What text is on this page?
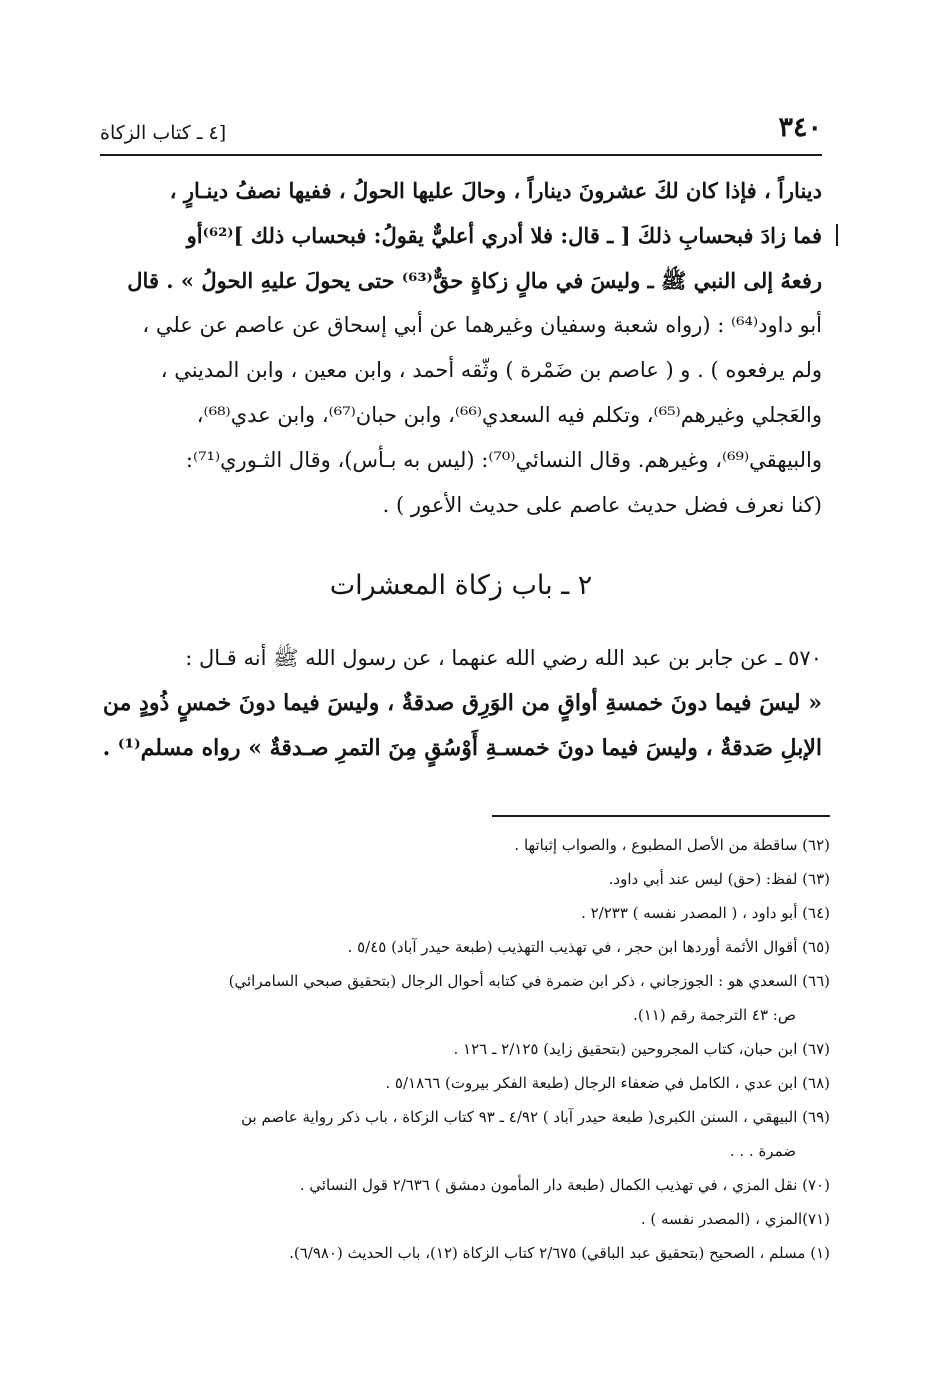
٣٤٠
[٤ ـ كتاب الزكاة
ديناراً ، فإذا كان لكَ عشرونَ ديناراً ، وحالَ عليها الحولُ ، ففيها نصفُ دينـارٍ ،
فما زادَ فبحسابِ ذلكَ [ ـ قال: فلا أدري أعليٌّ يقولُ: فبحساب ذلك ]⁽⁶²⁾أو
رفعهُ إلى النبي ﷺ ـ وليسَ في مالٍ زكاةٍ حقٌّ⁽⁶³⁾ حتى يحولَ عليهِ الحولُ » . قال
أبو داود⁽⁶⁴⁾ : (رواه شعبة وسفيان وغيرهما عن أبي إسحاق عن عاصم عن علي ،
ولم يرفعوه ) . و ( عاصم بن ضَمْرة ) وثّقه أحمد ، وابن معين ، وابن المديني ،
والعَجلي وغيرهم⁽⁶⁵⁾، وتكلم فيه السعدي⁽⁶⁶⁾، وابن حبان⁽⁶⁷⁾، وابن عدي⁽⁶⁸⁾،
والبيهقي⁽⁶⁹⁾، وغيرهم. وقال النسائي⁽⁷⁰⁾: (ليس به بـأس)، وقال الثـوري⁽⁷¹⁾:
(كنا نعرف فضل حديث عاصم على حديث الأعور ) .
٢ ـ باب زكاة المعشرات
٥٧٠ ـ عن جابر بن عبد الله رضي الله عنهما ، عن رسول الله ﷺ أنه قـال :
« ليسَ فيما دونَ خمسةِ أواقٍ من الوَرِق صدقةٌ ، وليسَ فيما دونَ خمسٍ ذُودٍ من
الإبلِ صَدقةٌ ، وليسَ فيما دونَ خمسـةِ أَوْسُقٍ مِنَ التمرِ صـدقةٌ » رواه مسلم⁽¹⁾ .
(٦٢) ساقطة من الأصل المطبوع ، والصواب إثباتها .
(٦٣) لفظ: (حق) ليس عند أبي داود.
(٦٤) أبو داود ، ( المصدر نفسه ) ٢/٢٣٣ .
(٦٥) أقوال الأئمة أوردها ابن حجر ، في تهذيب التهذيب (طبعة حيدر آباد) ٥/٤٥ .
(٦٦) السعدي هو : الجوزجاني ، ذكر ابن ضمرة في كتابه أحوال الرجال (بتحقيق صبحي السامرائي)
ص: ٤٣ الترجمة رقم (١١).
(٦٧) ابن حبان، كتاب المجروحين (بتحقيق زايد) ٢/١٢٥ ـ ١٢٦ .
(٦٨) ابن عدي ، الكامل في ضعفاء الرجال (طبعة الفكر بيروت) ٥/١٨٦٦ .
(٦٩) البيهقي ، السنن الكبرى( طبعة حيدر آباد ) ٤/٩٢ ـ ٩٣ كتاب الزكاة ، باب ذكر رواية عاصم بن
ضمرة . . .
(٧٠) نقل المزي ، في تهذيب الكمال (طبعة دار المأمون دمشق ) ٢/٦٣٦ قول النسائي .
(٧١)المزي ، (المصدر نفسه ) .
(١) مسلم ، الصحيح (بتحقيق عبد الباقي) ٢/٦٧٥ كتاب الزكاة (١٢)، باب الحديث (٦/٩٨٠).
